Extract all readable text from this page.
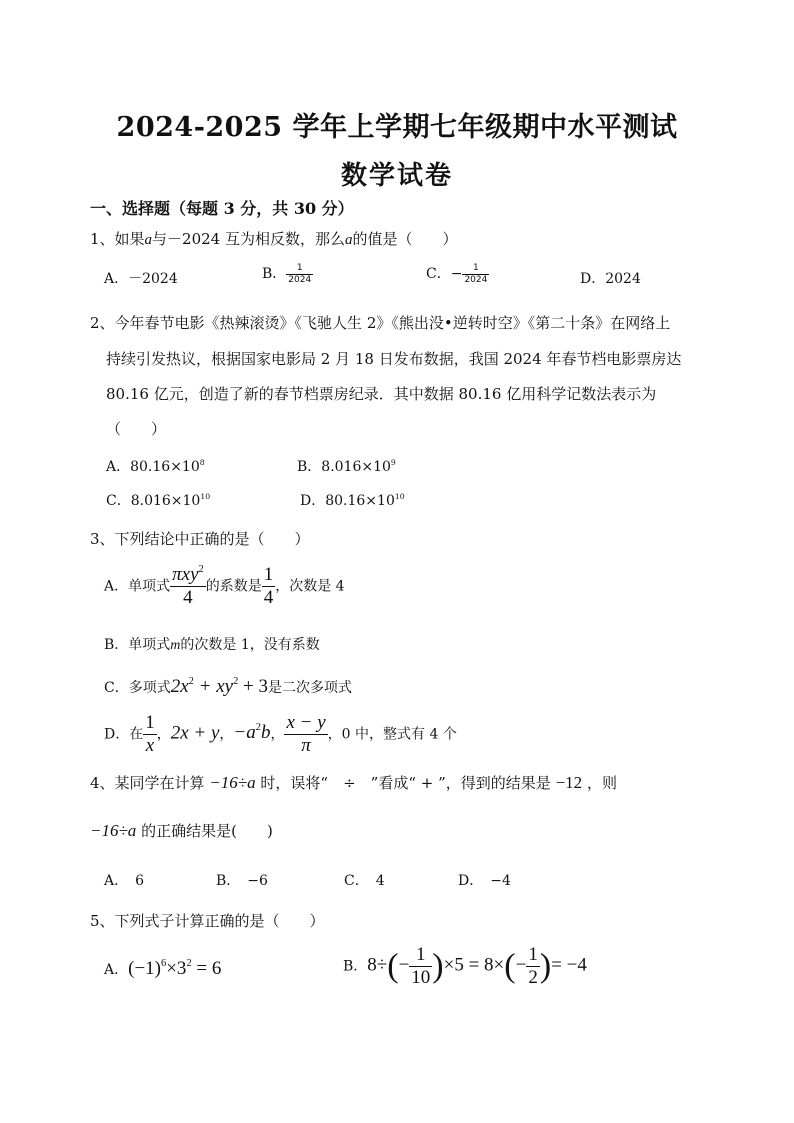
2024-2025 学年上学期七年级期中水平测试
数学试卷
一、选择题（每题 3 分，共 30 分）
1、如果a与－2024 互为相反数，那么a的值是（　　）
A．－2024	B． $\frac{1}{2024}$	C．− $\frac{1}{2024}$	D．2024
2、今年春节电影《热辣滚烫》《飞驰人生 2》《熊出没•逆转时空》《第二十条》在网络上
持续引发热议，根据国家电影局 2 月 18 日发布数据，我国 2024 年春节档电影票房达
80.16 亿元，创造了新的春节档票房纪录．其中数据 80.16 亿用科学记数法表示为
（　　）
A．$80.16\times 10^8$	B．$8.016\times 10^9$
C．$8.016\times 10^{10}$	D．$80.16\times 10^{10}$
3、下列结论中正确的是（　　）
A．单项式 $\frac{\pi xy^2}{4}$ 的系数是 $\frac{1}{4}$ ，次数是 4
B．单项式m的次数是 1，没有系数
C．多项式$2x^2 + xy^2 + 3$是二次多项式
D．在 $\frac{1}{x}$ ，2x + y，$-a^2b$， $\frac{x - y}{\pi}$ ，0 中，整式有 4 个
4、某同学在计算 −16÷a 时，误将“　÷　”看成“ + ”，得到的结果是 −12 ，则
−16÷a 的正确结果是(　　)
A．　6	B．　−6	C．　4	D．　−4
5、下列式子计算正确的是（　　）
A．$(-1)^6\times 3^2 = 6$	B．$8\div(- \frac{1}{10} )\times 5 = 8\times(- \frac{1}{2}$ )= −4
